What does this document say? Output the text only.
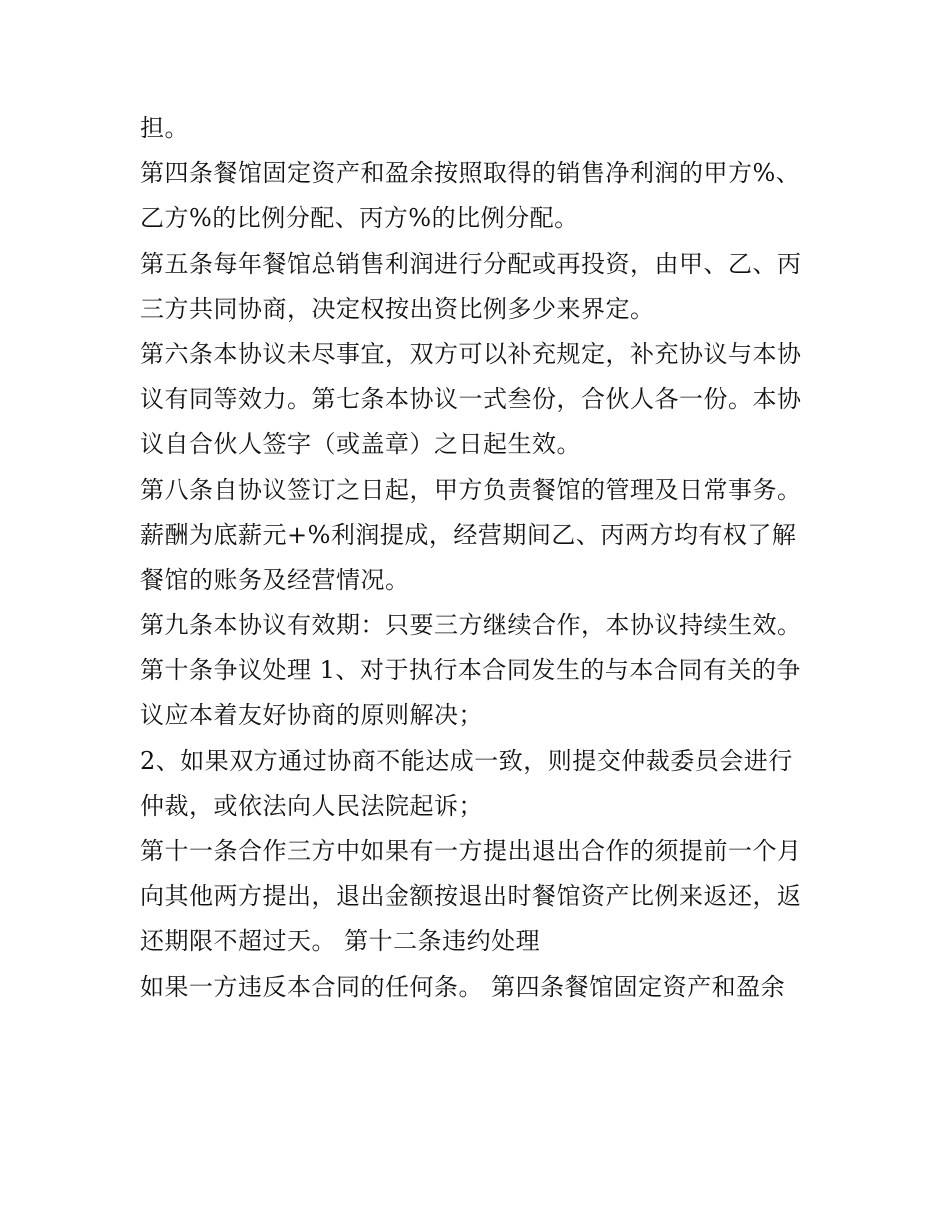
担。
第四条餐馆固定资产和盈余按照取得的销售净利润的甲方%、
乙方%的比例分配、丙方%的比例分配。
第五条每年餐馆总销售利润进行分配或再投资，由甲、乙、丙
三方共同协商，决定权按出资比例多少来界定。
第六条本协议未尽事宜，双方可以补充规定，补充协议与本协
议有同等效力。第七条本协议一式叁份，合伙人各一份。本协
议自合伙人签字（或盖章）之日起生效。
第八条自协议签订之日起，甲方负责餐馆的管理及日常事务。
薪酬为底薪元+%利润提成，经营期间乙、丙两方均有权了解
餐馆的账务及经营情况。
第九条本协议有效期：只要三方继续合作，本协议持续生效。
第十条争议处理 1、对于执行本合同发生的与本合同有关的争
议应本着友好协商的原则解决；
2、如果双方通过协商不能达成一致，则提交仲裁委员会进行
仲裁，或依法向人民法院起诉；
第十一条合作三方中如果有一方提出退出合作的须提前一个月
向其他两方提出，退出金额按退出时餐馆资产比例来返还，返
还期限不超过天。 第十二条违约处理
如果一方违反本合同的任何条。 第四条餐馆固定资产和盈余
